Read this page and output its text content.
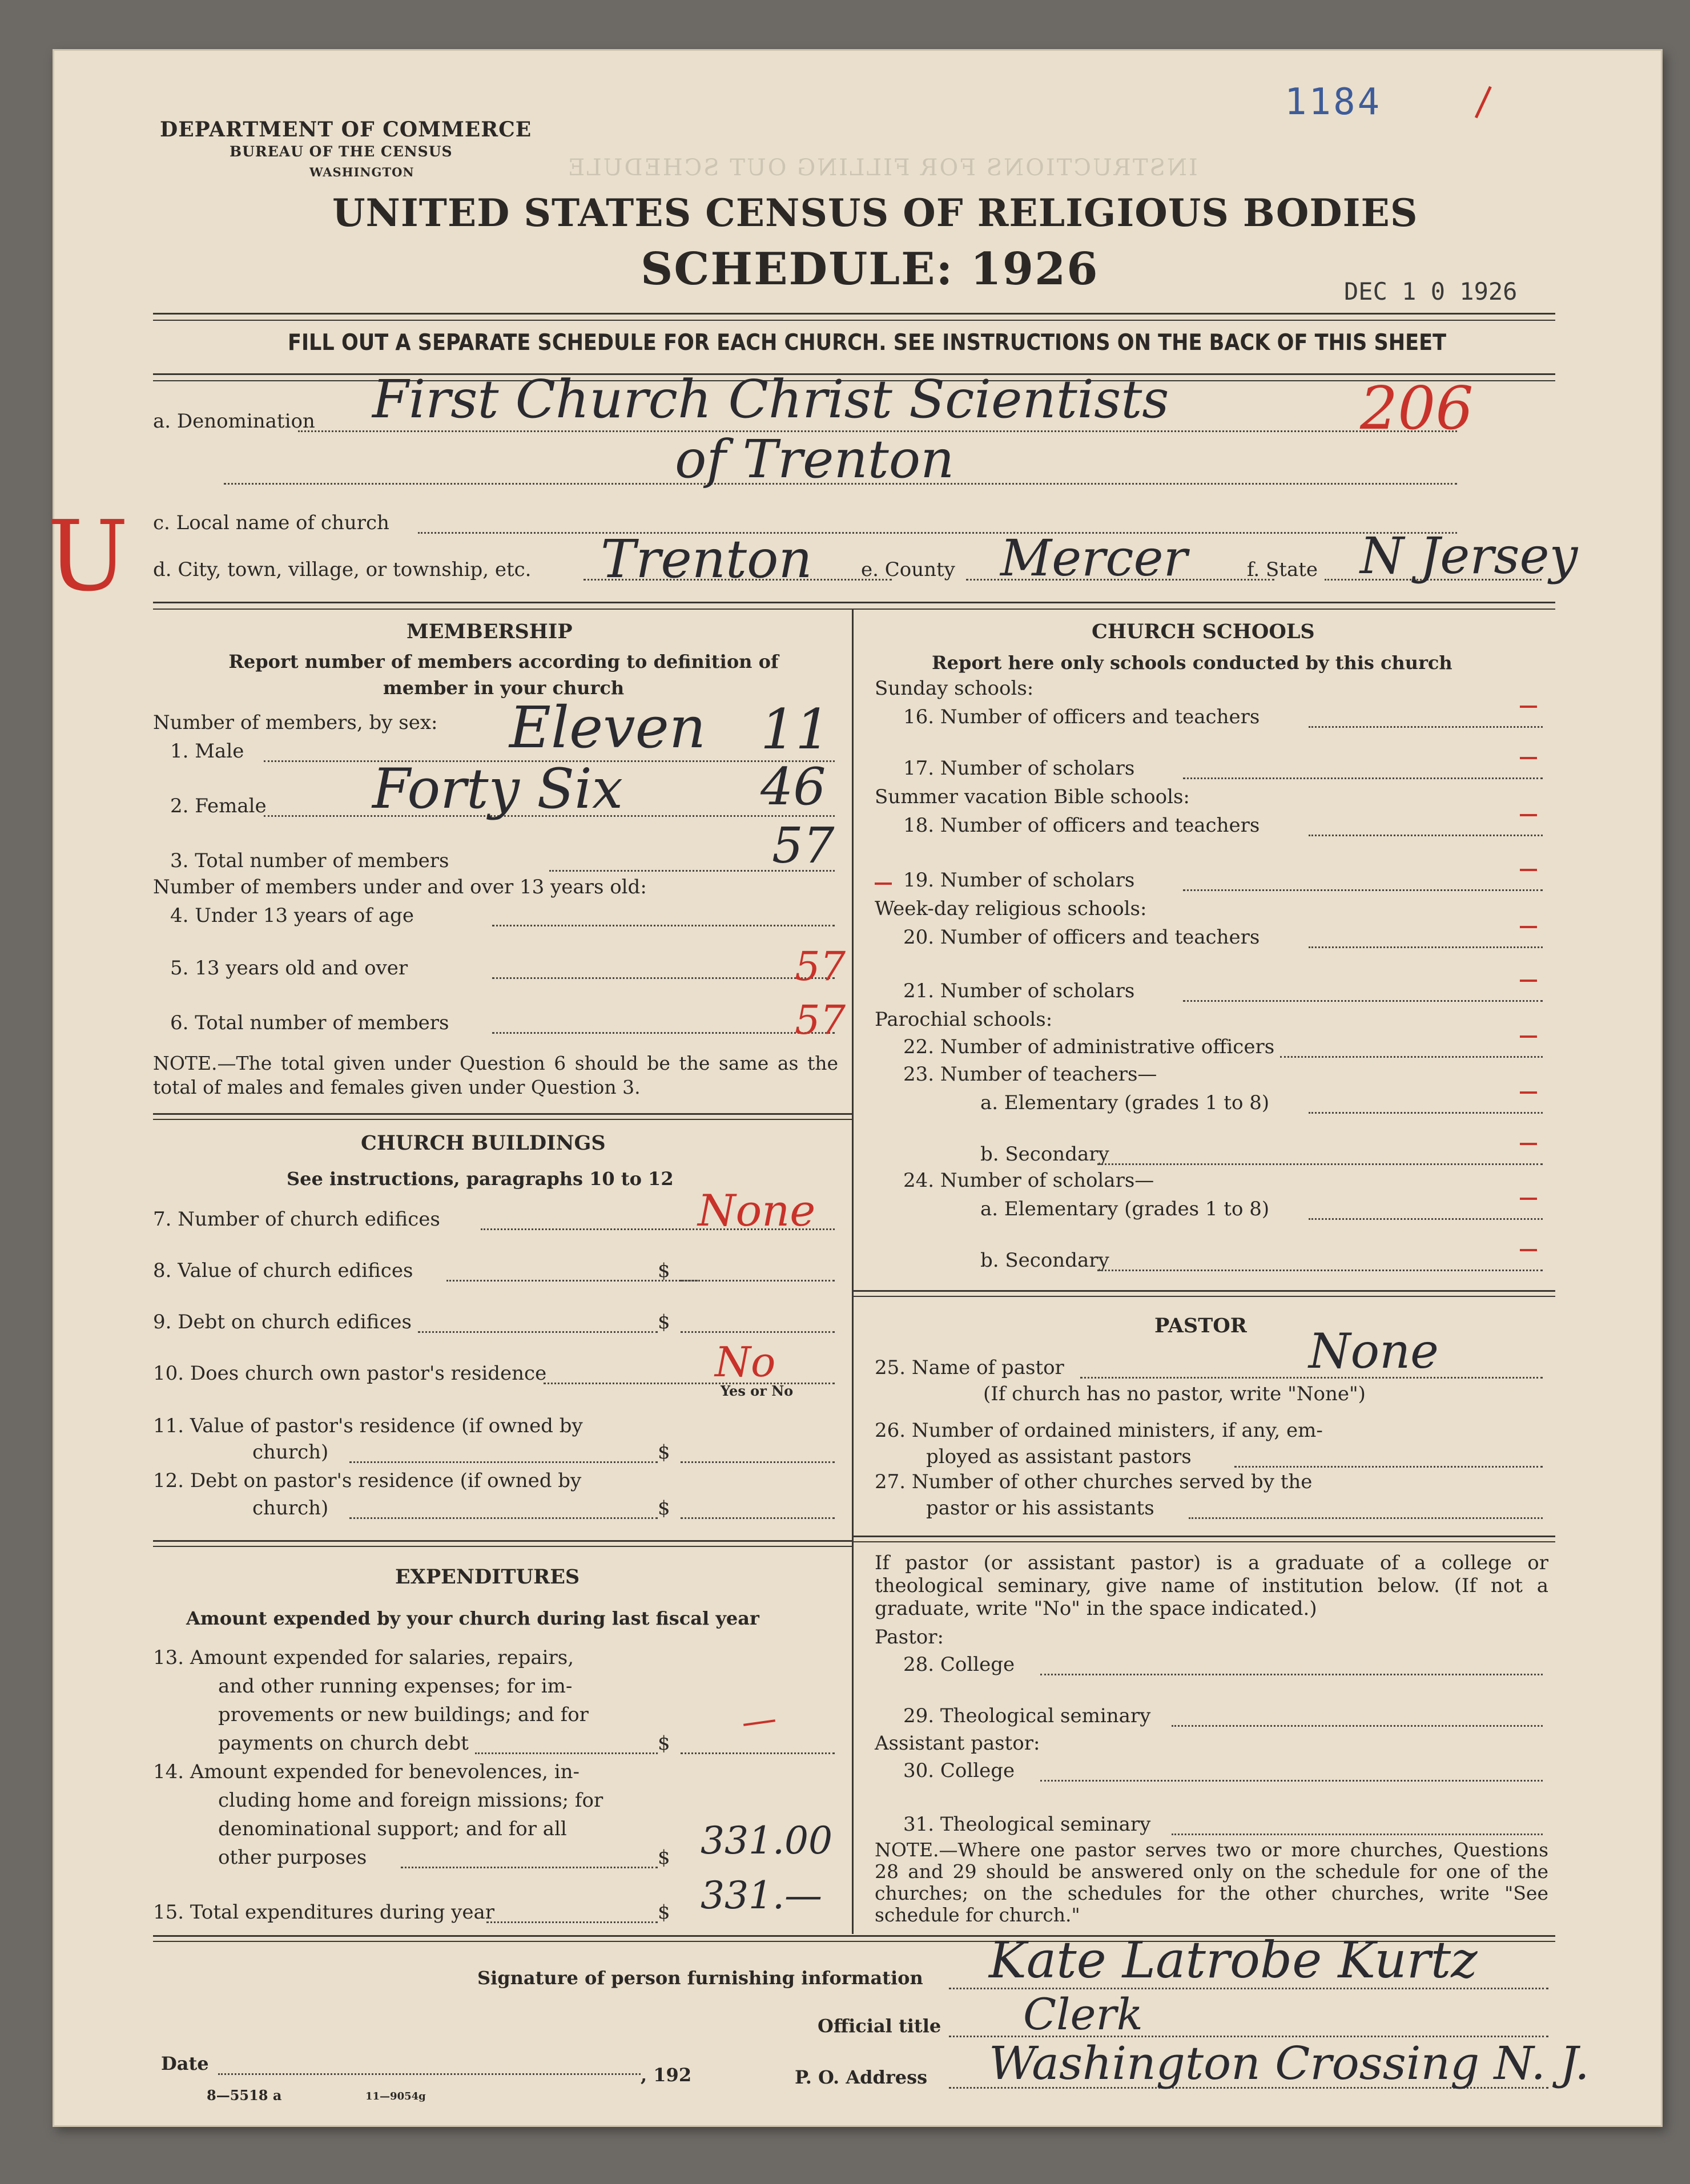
INSTRUCTIONS FOR FILLING OUT SCHEDULE
DEPARTMENT OF COMMERCE
BUREAU OF THE CENSUS
WASHINGTON
1184
UNITED STATES CENSUS OF RELIGIOUS BODIES
SCHEDULE: 1926	DEC 1 0 1926
FILL OUT A SEPARATE SCHEDULE FOR EACH CHURCH. SEE INSTRUCTIONS ON THE BACK OF THIS SHEET
a. Denomination First Church Christ Scientists	206
of Trenton
U c. Local name of church
d. City, town, village, or township, etc. Trenton	e. County Mercer	f. State N Jersey
MEMBERSHIP
Report number of members according to definition of member in your church
Number of members, by sex:
1. Male	Eleven 11
2. Female Forty Six	46
3. Total number of members	57
Number of members under and over 13 years old:
4. Under 13 years of age
5. 13 years old and over	57
6. Total number of members	57
NOTE.—The total given under Question 6 should be the same as the total of males and females given under Question 3.
CHURCH BUILDINGS
See instructions, paragraphs 10 to 12
7. Number of church edifices	None
8. Value of church edifices	$
9. Debt on church edifices	$
10. Does church own pastor's residence	No
Yes or No
11. Value of pastor's residence (if owned by
church)	$
12. Debt on pastor's residence (if owned by
church)	$
EXPENDITURES
Amount expended by your church during last fiscal year
13. Amount expended for salaries, repairs,
and other running expenses; for im-
provements or new buildings; and for
payments on church debt	$
14. Amount expended for benevolences, in-
cluding home and foreign missions; for
denominational support; and for all
other purposes	$ 331.00
15. Total expenditures during year	$ 331.—
CHURCH SCHOOLS
Report here only schools conducted by this church
Sunday schools:
16. Number of officers and teachers
17. Number of scholars
Summer vacation Bible schools:
18. Number of officers and teachers
19. Number of scholars
Week-day religious schools:
20. Number of officers and teachers
21. Number of scholars
Parochial schools:
22. Number of administrative officers
23. Number of teachers—
a. Elementary (grades 1 to 8)
b. Secondary
24. Number of scholars—
a. Elementary (grades 1 to 8)
b. Secondary
PASTOR
25. Name of pastor	None
(If church has no pastor, write "None")
26. Number of ordained ministers, if any, em-
ployed as assistant pastors
27. Number of other churches served by the
pastor or his assistants
If pastor (or assistant pastor) is a graduate of a college or theological seminary, give name of institution below. (If not a graduate, write "No" in the space indicated.)
Pastor:
28. College
29. Theological seminary
Assistant pastor:
30. College
31. Theological seminary
NOTE.—Where one pastor serves two or more churches, Questions 28 and 29 should be answered only on the schedule for one of the churches; on the schedules for the other churches, write "See schedule for church."
Signature of person furnishing information Kate Latrobe Kurtz
Official title Clerk
Date
, 192	P. O. Address Washington Crossing N. J.
8—5518 a	11—9054g
